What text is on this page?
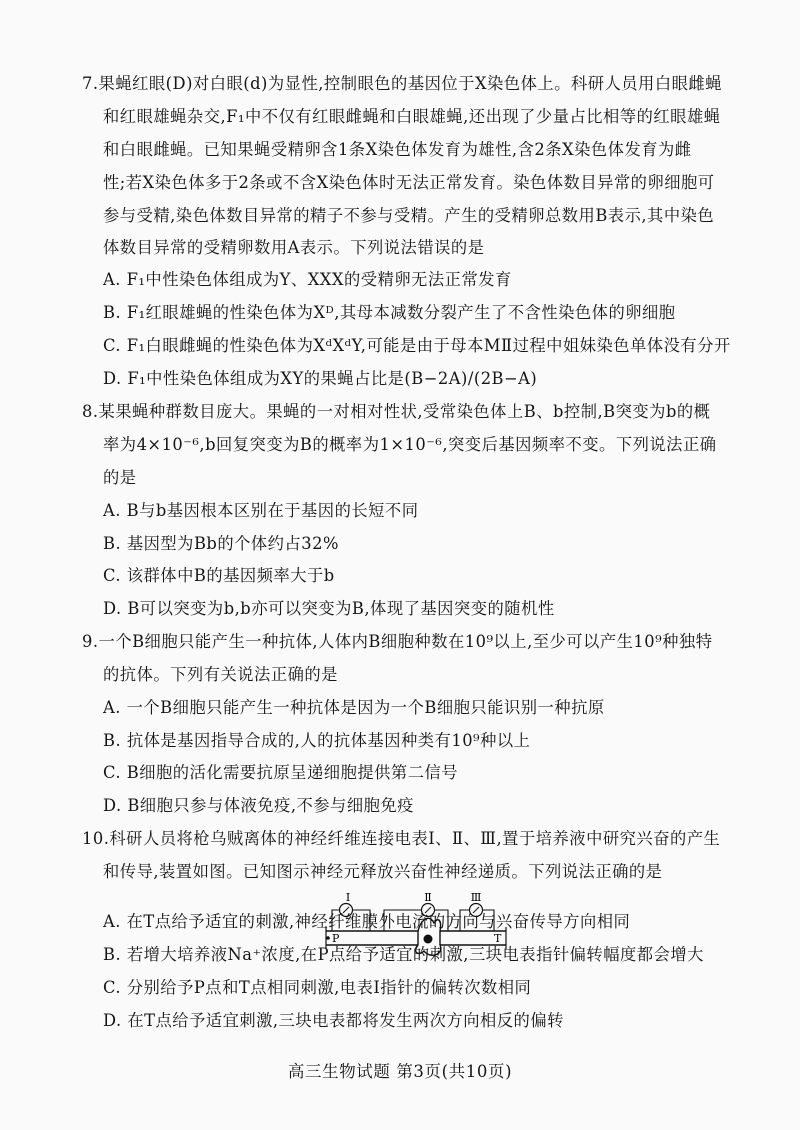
7.果蝇红眼(D)对白眼(d)为显性,控制眼色的基因位于X染色体上。科研人员用白眼雌蝇
和红眼雄蝇杂交,F₁中不仅有红眼雌蝇和白眼雄蝇,还出现了少量占比相等的红眼雄蝇
和白眼雌蝇。已知果蝇受精卵含1条X染色体发育为雄性,含2条X染色体发育为雌
性;若X染色体多于2条或不含X染色体时无法正常发育。染色体数目异常的卵细胞可
参与受精,染色体数目异常的精子不参与受精。产生的受精卵总数用B表示,其中染色
体数目异常的受精卵数用A表示。下列说法错误的是
A. F₁中性染色体组成为Y、XXX的受精卵无法正常发育
B. F₁红眼雄蝇的性染色体为Xᴰ,其母本减数分裂产生了不含性染色体的卵细胞
C. F₁白眼雌蝇的性染色体为XᵈXᵈY,可能是由于母本MⅡ过程中姐妹染色单体没有分开
D. F₁中性染色体组成为XY的果蝇占比是(B−2A)/(2B−A)
8.某果蝇种群数目庞大。果蝇的一对相对性状,受常染色体上B、b控制,B突变为b的概
率为4×10⁻⁶,b回复突变为B的概率为1×10⁻⁶,突变后基因频率不变。下列说法正确
的是
A. B与b基因根本区别在于基因的长短不同
B. 基因型为Bb的个体约占32%
C. 该群体中B的基因频率大于b
D. B可以突变为b,b亦可以突变为B,体现了基因突变的随机性
9.一个B细胞只能产生一种抗体,人体内B细胞种数在10⁹以上,至少可以产生10⁹种独特
的抗体。下列有关说法正确的是
A. 一个B细胞只能产生一种抗体是因为一个B细胞只能识别一种抗原
B. 抗体是基因指导合成的,人的抗体基因种类有10⁹种以上
C. B细胞的活化需要抗原呈递细胞提供第二信号
D. B细胞只参与体液免疫,不参与细胞免疫
10.科研人员将枪乌贼离体的神经纤维连接电表Ⅰ、Ⅱ、Ⅲ,置于培养液中研究兴奋的产生
和传导,装置如图。已知图示神经元释放兴奋性神经递质。下列说法正确的是
Ⅰ	Ⅱ	Ⅲ
P	T
A. 在T点给予适宜的刺激,神经纤维膜外电流的方向与兴奋传导方向相同
B. 若增大培养液Na⁺浓度,在P点给予适宜的刺激,三块电表指针偏转幅度都会增大
C. 分别给予P点和T点相同刺激,电表Ⅰ指针的偏转次数相同
D. 在T点给予适宜刺激,三块电表都将发生两次方向相反的偏转
高三生物试题 第3页(共10页)
